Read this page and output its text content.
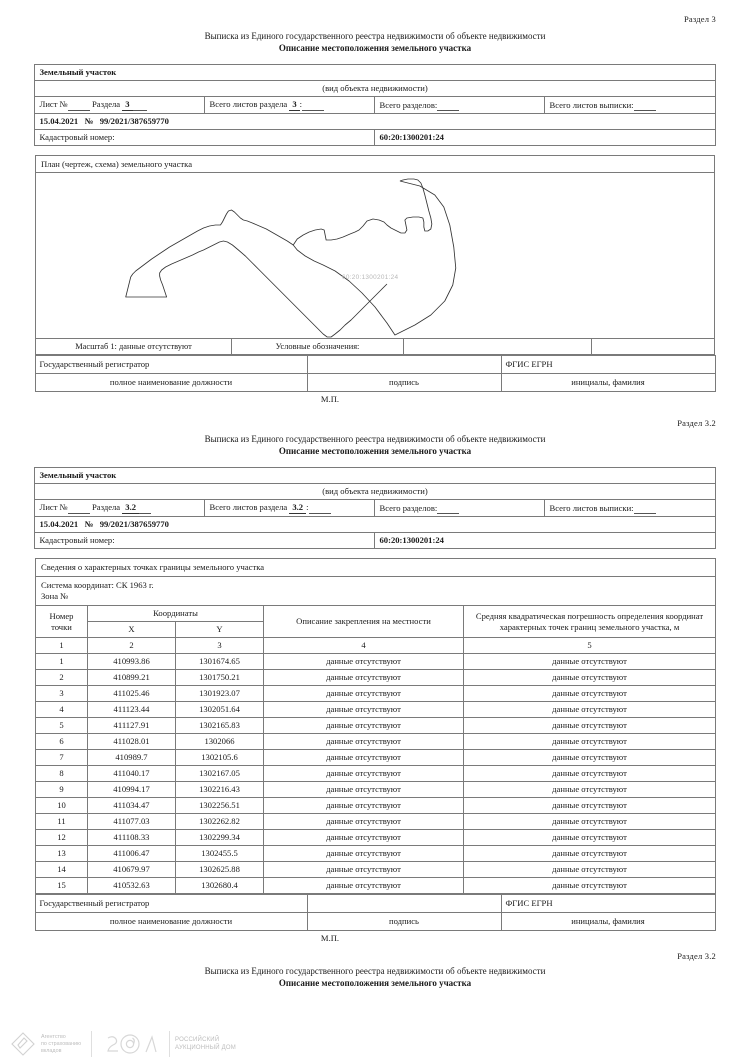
Раздел 3
Выписка из Единого государственного реестра недвижимости об объекте недвижимости
Описание местоположения земельного участка
Земельный участок			
(вид объекта недвижимости)			
Лист № Раздела 3	Всего листов раздела 3 :	Всего разделов:	Всего листов выписки:
15.04.2021 № 99/2021/387659770			
Кадастровый номер:		60:20:1300201:24	
План (чертеж, схема) земельного участка
60:20:1300201:24
Масштаб 1: данные отсутствуют	Условные обозначения:
Государственный регистратор		ФГИС ЕГРН
полное наименование должности	подпись	инициалы, фамилия
М.П.
Раздел 3.2
Выписка из Единого государственного реестра недвижимости об объекте недвижимости
Описание местоположения земельного участка
Земельный участок			
(вид объекта недвижимости)			
Лист № Раздела 3.2	Всего листов раздела 3.2 :	Всего разделов:	Всего листов выписки:
15.04.2021 № 99/2021/387659770			
Кадастровый номер:		60:20:1300201:24	
Сведения о характерных точках границы земельного участка				

Система координат: СК 1963 г.
Зона №				

Номер точки	Координаты		Описание закрепления на местности	Средняя квадратическая погрешность определения координат характерных точек границ земельного участка, м
	X	Y		
1	2	3	4	5
1	410993.86	1301674.65	данные отсутствуют	данные отсутствуют
2	410899.21	1301750.21	данные отсутствуют	данные отсутствуют
3	411025.46	1301923.07	данные отсутствуют	данные отсутствуют
4	411123.44	1302051.64	данные отсутствуют	данные отсутствуют
5	411127.91	1302165.83	данные отсутствуют	данные отсутствуют
6	411028.01	1302066	данные отсутствуют	данные отсутствуют
7	410989.7	1302105.6	данные отсутствуют	данные отсутствуют
8	411040.17	1302167.05	данные отсутствуют	данные отсутствуют
9	410994.17	1302216.43	данные отсутствуют	данные отсутствуют
10	411034.47	1302256.51	данные отсутствуют	данные отсутствуют
11	411077.03	1302262.82	данные отсутствуют	данные отсутствуют
12	411108.33	1302299.34	данные отсутствуют	данные отсутствуют
13	411006.47	1302455.5	данные отсутствуют	данные отсутствуют
14	410679.97	1302625.88	данные отсутствуют	данные отсутствуют
15	410532.63	1302680.4	данные отсутствуют	данные отсутствуют
Государственный регистратор		ФГИС ЕГРН
полное наименование должности	подпись	инициалы, фамилия
М.П.
Раздел 3.2
Выписка из Единого государственного реестра недвижимости об объекте недвижимости
Описание местоположения земельного участка
Агентство
по страхованию
вкладов
РОССИЙСКИЙ
АУКЦИОННЫЙ ДОМ
